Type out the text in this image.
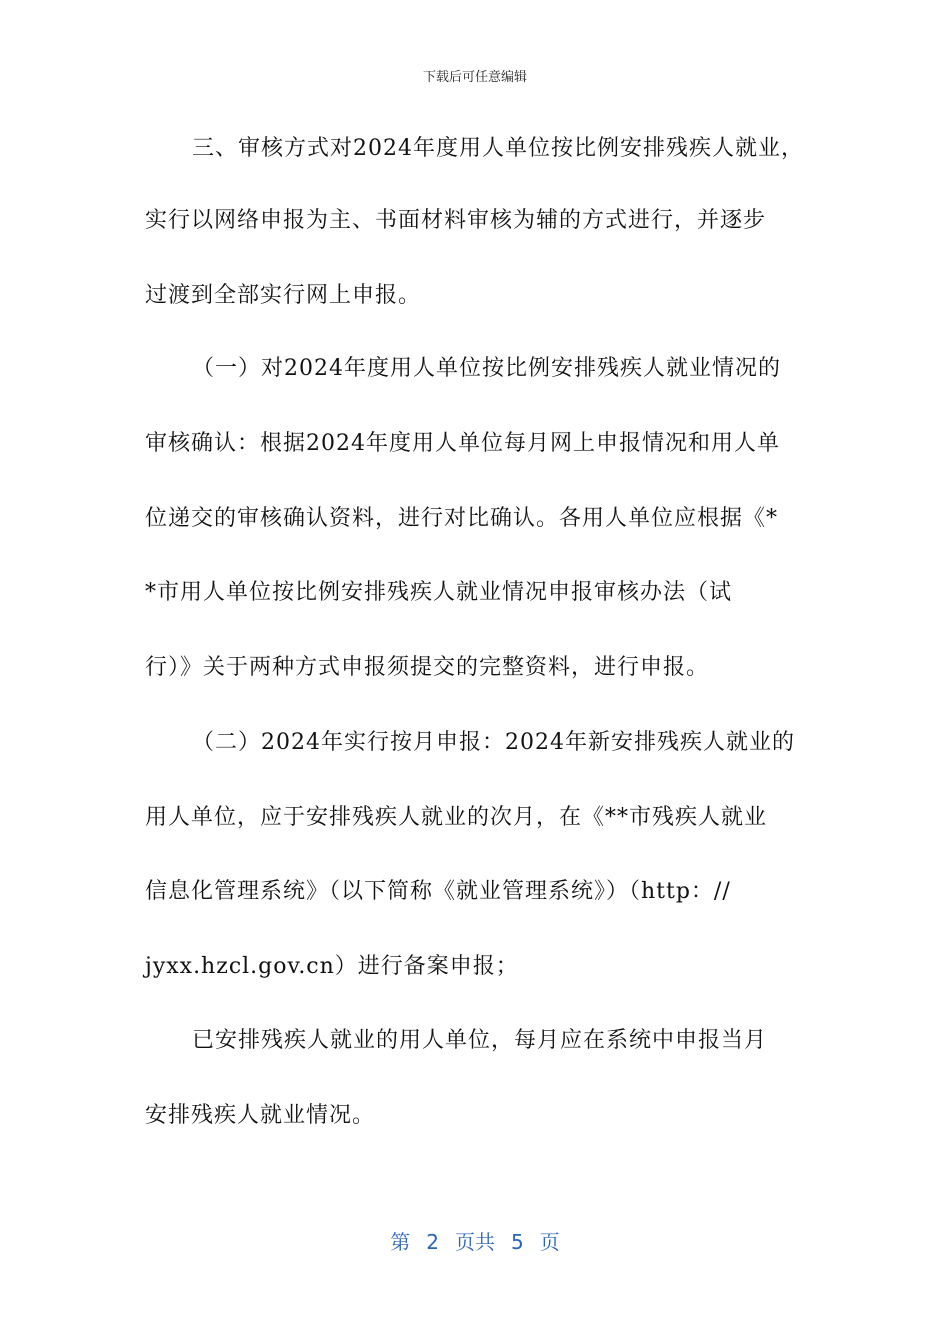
下载后可任意编辑
三、审核方式对2024年度用人单位按比例安排残疾人就业，
实行以网络申报为主、书面材料审核为辅的方式进行，并逐步
过渡到全部实行网上申报。
（一）对2024年度用人单位按比例安排残疾人就业情况的
审核确认：根据2024年度用人单位每月网上申报情况和用人单
位递交的审核确认资料，进行对比确认。各用人单位应根据《*
*市用人单位按比例安排残疾人就业情况申报审核办法（试
行）》关于两种方式申报须提交的完整资料，进行申报。
（二）2024年实行按月申报：2024年新安排残疾人就业的
用人单位，应于安排残疾人就业的次月，在《**市残疾人就业
信息化管理系统》（以下简称《就业管理系统》）（http：//
jyxx.hzcl.gov.cn）进行备案申报；
已安排残疾人就业的用人单位，每月应在系统中申报当月
安排残疾人就业情况。
第 2 页共 5 页
